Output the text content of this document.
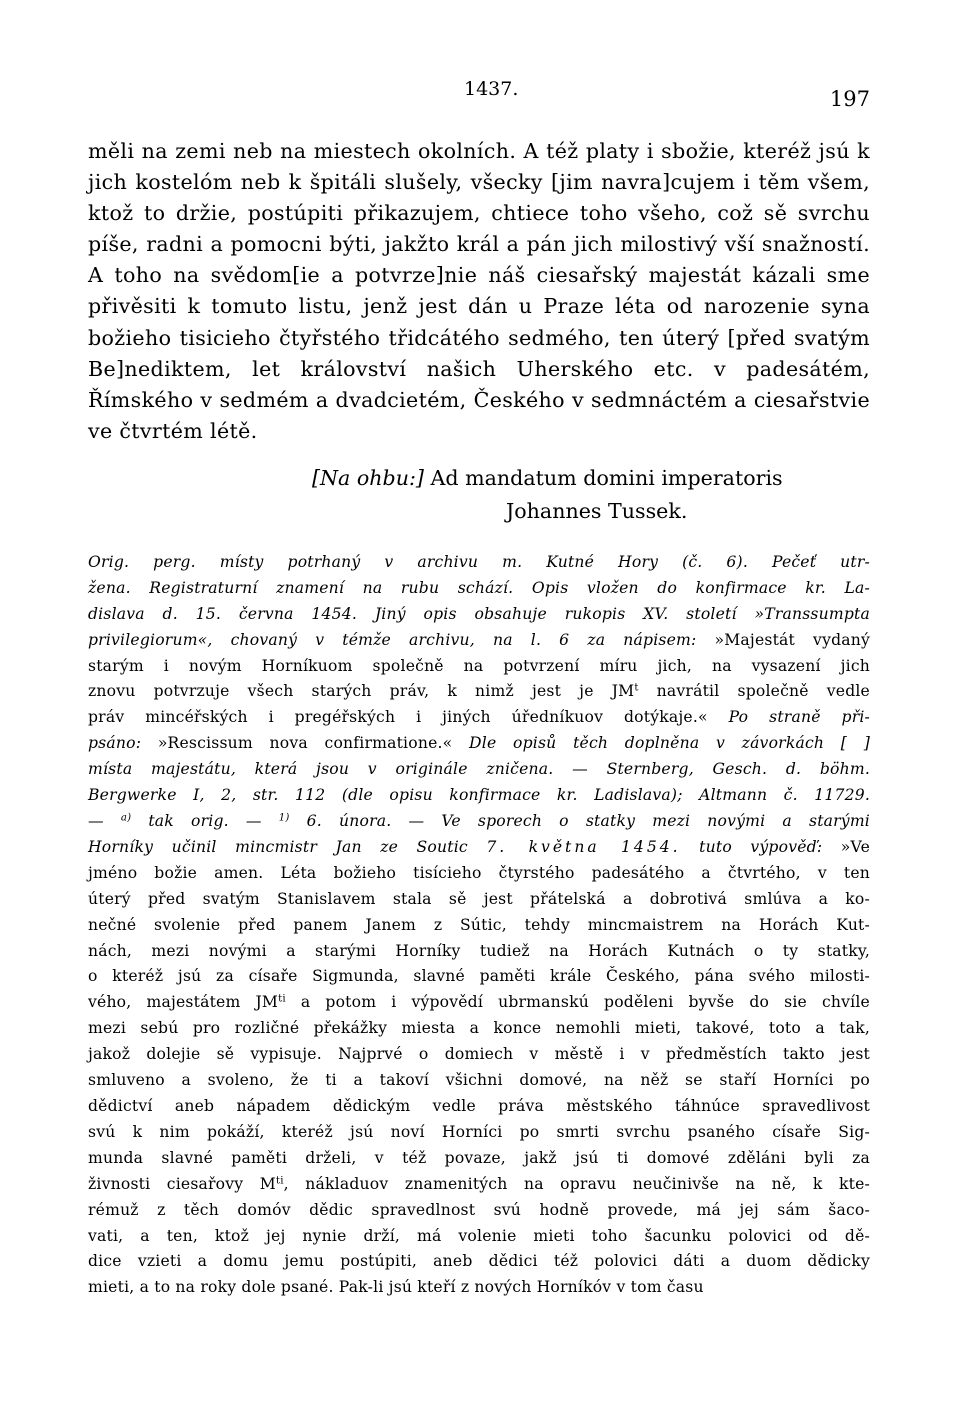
1437.	197

měli na zemi neb na miestech okolních. A též platy i sbožie, kteréž jsú k jich kostelóm neb k špitáli slušely, všecky [jim navra]cujem i těm všem, ktož to držie, postúpiti přikazujem, chtiece toho všeho, což sě svrchu píše, radni a pomocni býti, jakžto král a pán jich milostivý vší snažností. A toho na svědom[ie a potvrze]nie náš ciesařský majestát kázali sme přivěsiti k tomuto listu, jenž jest dán u Praze léta od narozenie syna božieho tisicieho čtyřstého třidcátého sedmého, ten úterý [před svatým Be]nediktem, let království našich Uherského etc. v padesátém, Římského v sedmém a dvadcietém, Českého v sedmnáctém a ciesařstvie ve čtvrtém létě.

[Na ohbu:] Ad mandatum domini imperatoris
Johannes Tussek.
Orig. perg. místy potrhaný v archivu m. Kutné Hory (č. 6). Pečeť utr-
žena. Registraturní znamení na rubu schází. Opis vložen do konfirmace kr. La-
dislava d. 15. června 1454. Jiný opis obsahuje rukopis XV. století »Transsumpta
privilegiorum«, chovaný v témže archivu, na l. 6 za nápisem: »Majestát vydaný
starým i novým Horníkuom společně na potvrzení míru jich, na vysazení jich
znovu potvrzuje všech starých práv, k nimž jest je $JM^t$ navrátil společně vedle
práv mincéřských i pregéřských i jiných úředníkuov dotýkaje.« Po straně při-
psáno: »Rescissum nova confirmatione.« Dle opisů těch doplněna v závorkách [ ]
místa majestátu, která jsou v originále zničena. — Sternberg, Gesch. d. böhm.
Bergwerke I, 2, str. 112 (dle opisu konfirmace kr. Ladislava); Altmann č. 11729.
— $^{a)}$ tak orig. — $^{1)}$ 6. února. — Ve sporech o statky mezi novými a starými
Horníky učinil mincmistr Jan ze Soutic 7. května 1454. tuto výpověď: »Ve
jméno božie amen. Léta božieho tisícieho čtyrstého padesátého a čtvrtého, v ten
úterý před svatým Stanislavem stala sě jest přátelská a dobrotivá smlúva a ko-
nečné svolenie před panem Janem z Sútic, tehdy mincmaistrem na Horách Kut-
nách, mezi novými a starými Horníky tudiež na Horách Kutnách o ty statky,
o kteréž jsú za císaře Sigmunda, slavné paměti krále Českého, pána svého milosti-
vého, majestátem $JM^{ti}$ a potom i výpovědí ubrmanskú poděleni byvše do sie chvíle
mezi sebú pro rozličné překážky miesta a konce nemohli mieti, takové, toto a tak,
jakož dolejie sě vypisuje. Najprvé o domiech v městě i v předměstích takto jest
smluveno a svoleno, že ti a takoví všichni domové, na něž se staří Horníci po
dědictví aneb nápadem dědickým vedle práva městského táhnúce spravedlivost
svú k nim pokáží, kteréž jsú noví Horníci po smrti svrchu psaného císaře Sig-
munda slavné paměti drželi, v též povaze, jakž jsú ti domové zděláni byli za
živnosti ciesařovy $M^{ti}$, nákladuov znamenitých na opravu neučinivše na ně, k kte-
rémuž z těch domóv dědic spravedlnost svú hodně provede, má jej sám šaco-
vati, a ten, ktož jej nynie drží, má volenie mieti toho šacunku polovici od dě-
dice vzieti a domu jemu postúpiti, aneb dědici též polovici dáti a duom dědicky
mieti, a to na roky dole psané. Pak-li jsú kteří z nových Horníkóv v tom času
